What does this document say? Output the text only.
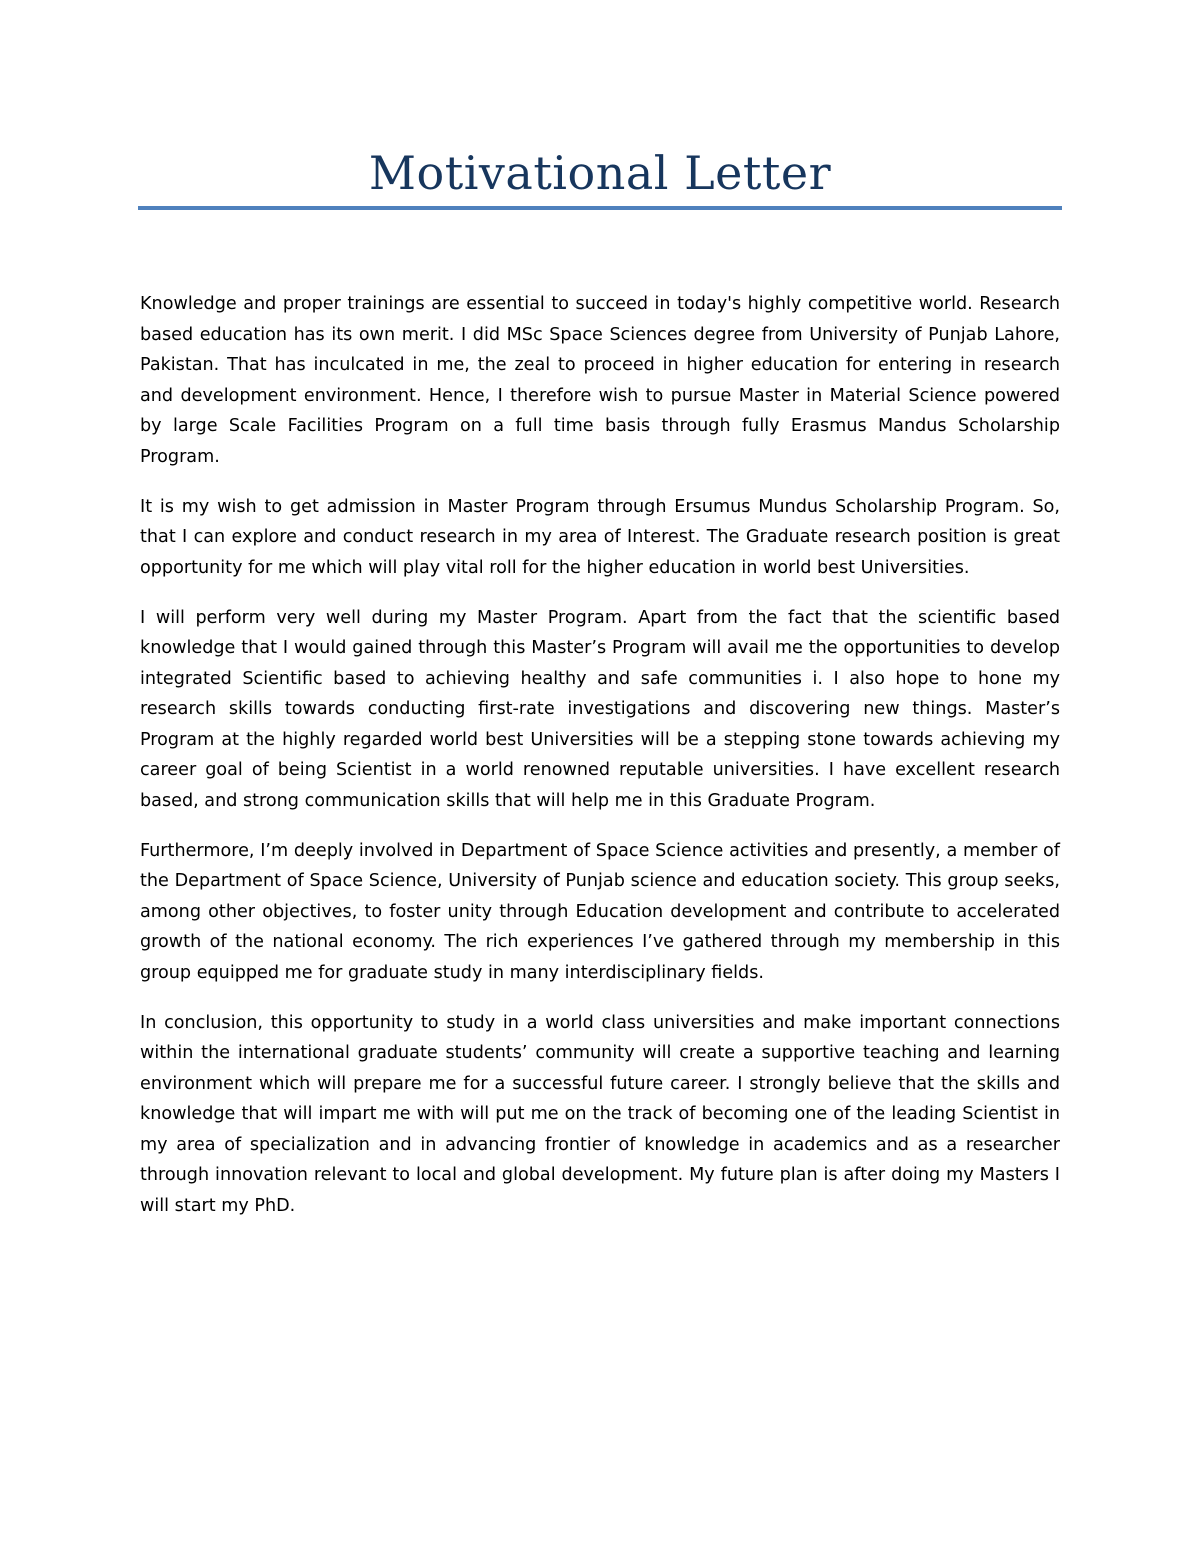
Motivational Letter

Knowledge and proper trainings are essential to succeed in today's highly competitive world. Research based education has its own merit. I did MSc Space Sciences degree from University of Punjab Lahore, Pakistan. That has inculcated in me, the zeal to proceed in higher education for entering in research and development environment. Hence, I therefore wish to pursue Master in Material Science powered by large Scale Facilities Program on a full time basis through fully Erasmus Mandus Scholarship Program.

It is my wish to get admission in Master Program through Ersumus Mundus Scholarship Program. So, that I can explore and conduct research in my area of Interest. The Graduate research position is great opportunity for me which will play vital roll for the higher education in world best Universities.

I will perform very well during my Master Program. Apart from the fact that the scientific based knowledge that I would gained through this Master’s Program will avail me the opportunities to develop integrated Scientific based to achieving healthy and safe communities i. I also hope to hone my research skills towards conducting first-rate investigations and discovering new things. Master’s Program at the highly regarded world best Universities will be a stepping stone towards achieving my career goal of being Scientist in a world renowned reputable universities. I have excellent research based, and strong communication skills that will help me in this Graduate Program.

Furthermore, I’m deeply involved in Department of Space Science activities and presently, a member of the Department of Space Science, University of Punjab science and education society. This group seeks, among other objectives, to foster unity through Education development and contribute to accelerated growth of the national economy. The rich experiences I’ve gathered through my membership in this group equipped me for graduate study in many interdisciplinary fields.

In conclusion, this opportunity to study in a world class universities and make important connections within the international graduate students’ community will create a supportive teaching and learning environment which will prepare me for a successful future career. I strongly believe that the skills and knowledge that will impart me with will put me on the track of becoming one of the leading Scientist in my area of specialization and in advancing frontier of knowledge in academics and as a researcher through innovation relevant to local and global development. My future plan is after doing my Masters I will start my PhD.
